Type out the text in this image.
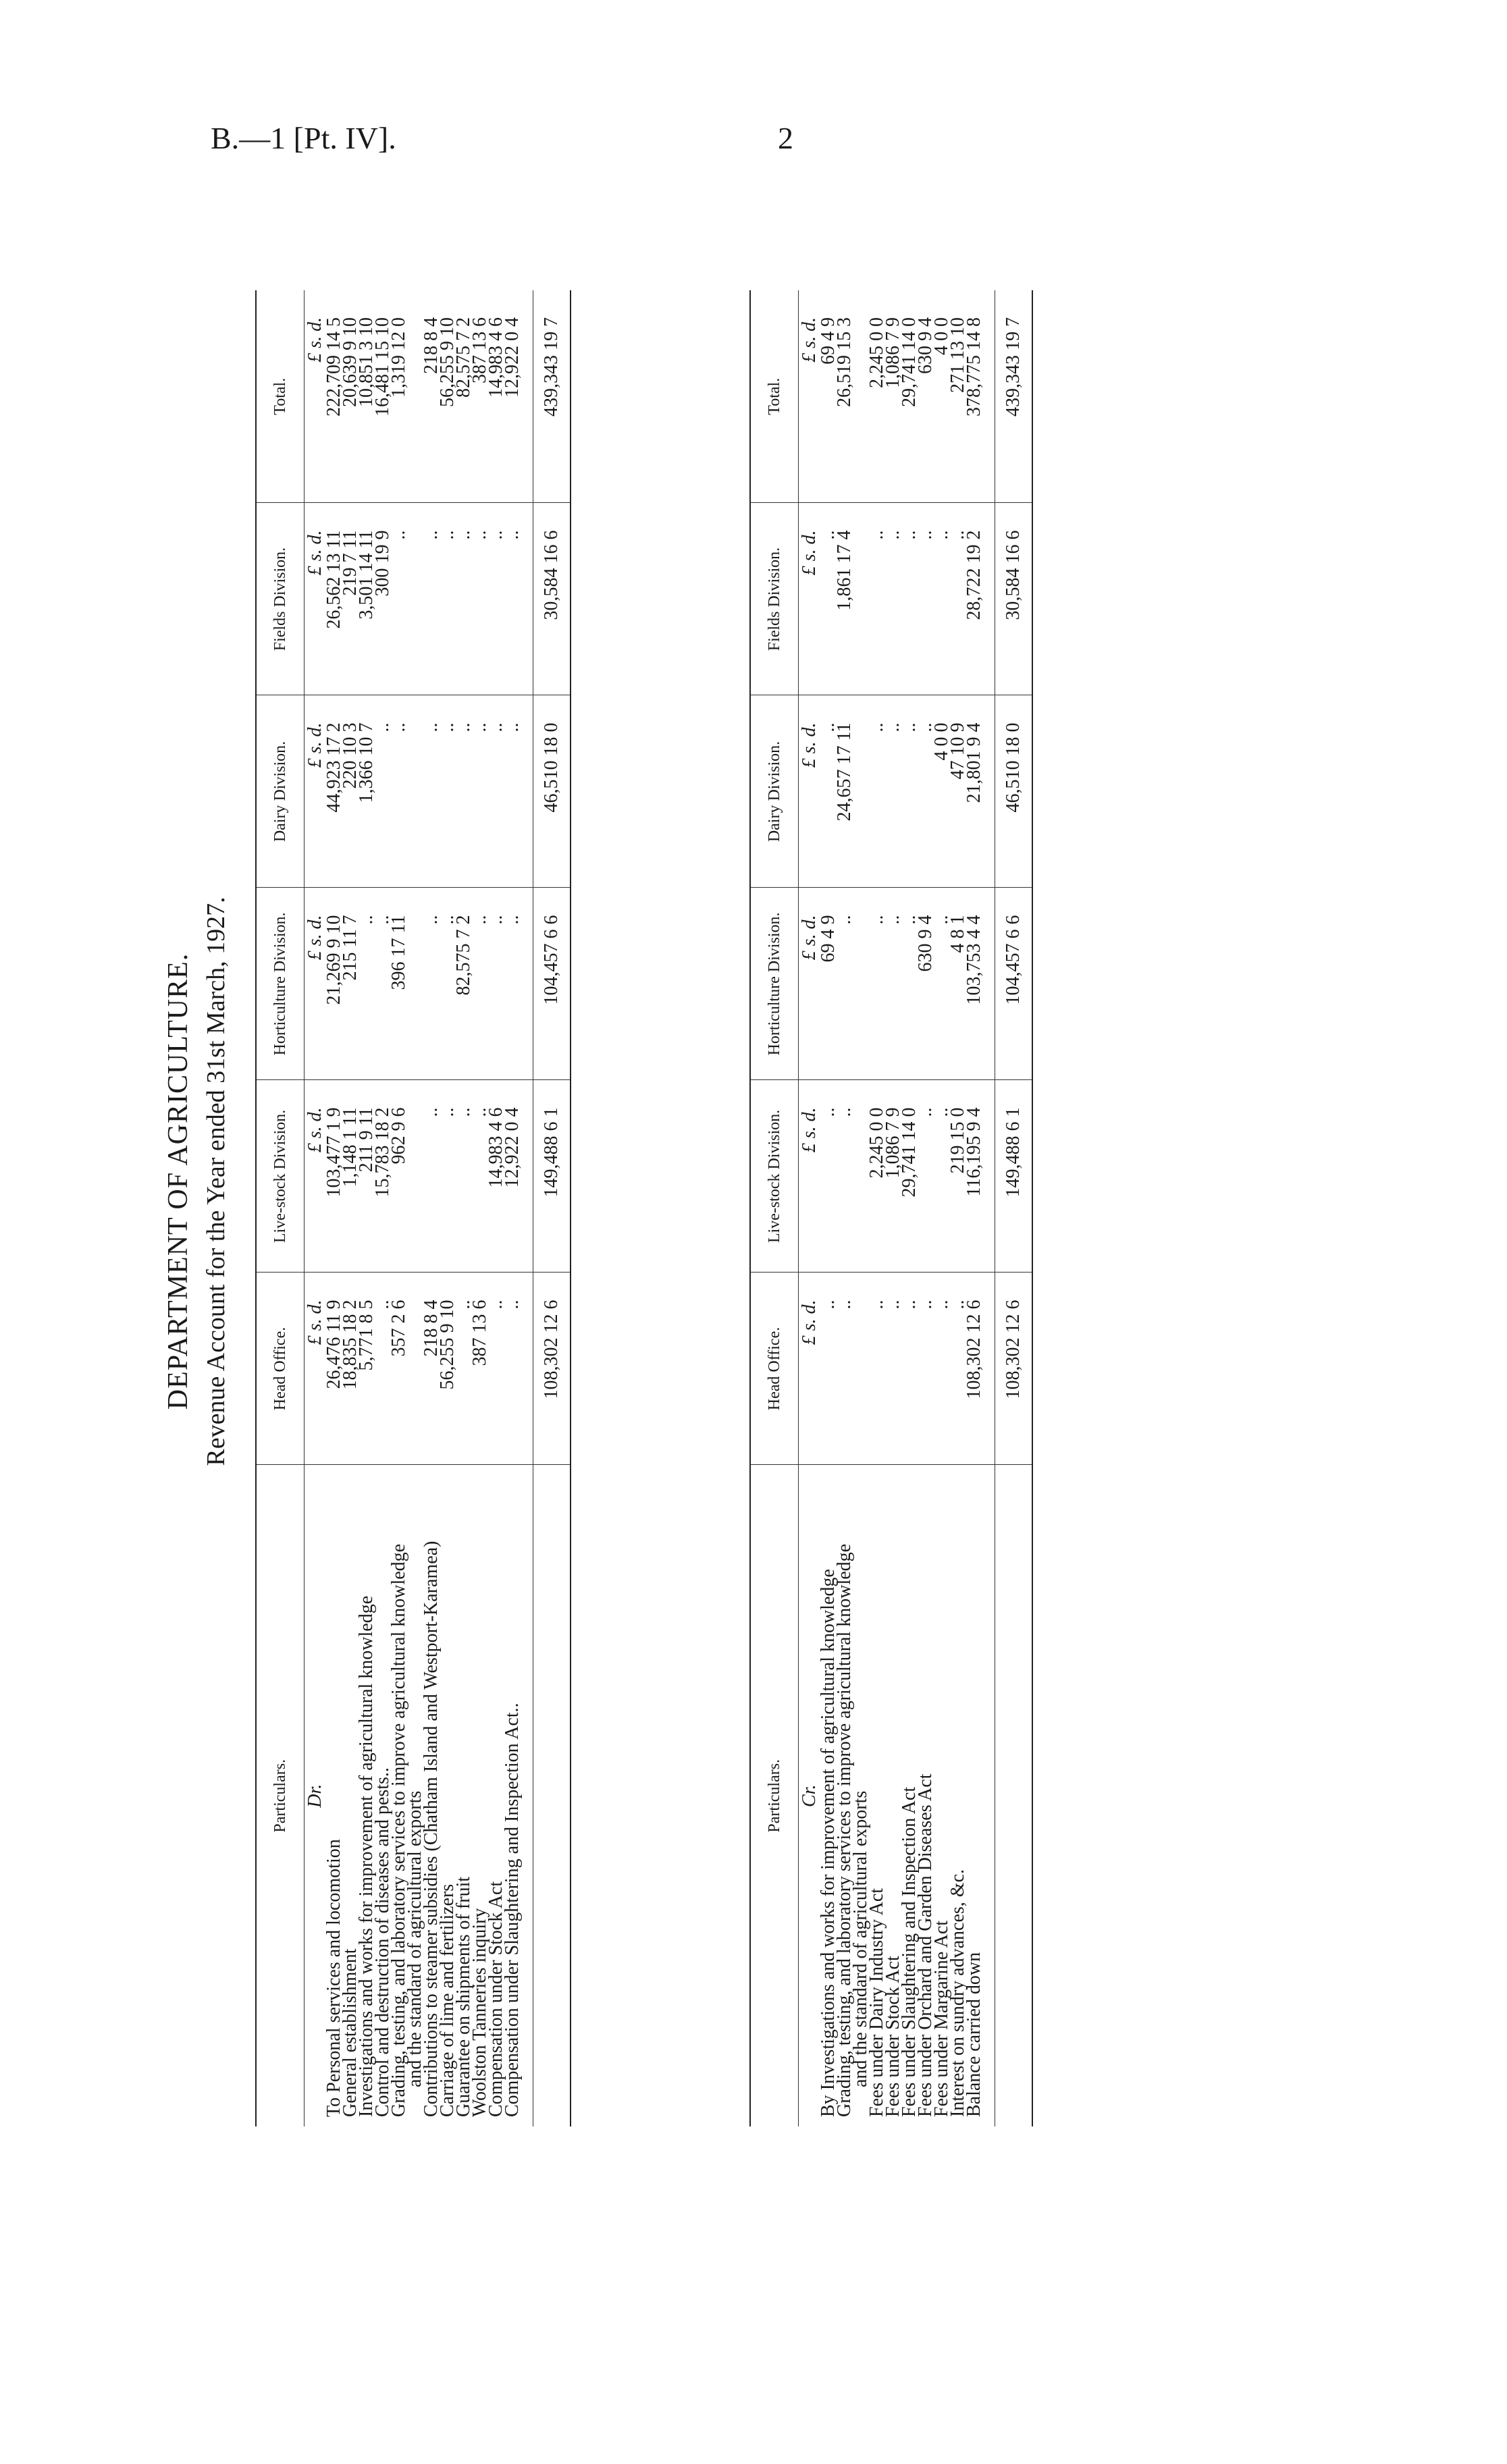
B.—1 [Pt. IV].	2
DEPARTMENT OF AGRICULTURE. Revenue Account for the Year ended 31st March, 1927.
Particulars.	Head Office.	Live-stock Division.	Horticulture Division.	Dairy Division.	Fields Division.	Total.
Dr.	£ s. d.	£ s. d.	£ s. d.	£ s. d.	£ s. d.	£ s. d.
To Personal services and locomotion	26,476 11 9	103,477 1 9	21,269 9 10	44,923 17 2	26,562 13 11	222,709 14 5
General establishment	18,835 18 2	1,148 1 11	215 11 7	220 10 3	219 7 11	20,639 9 10
Investigations and works for improvement of agricultural knowledge	5,771 8 5	211 9 11	..	1,366 10 7	3,501 14 11	10,851 3 10
Control and destruction of diseases and pests..	..	15,783 18 2	..	..	300 19 9	16,481 15 10
Grading, testing, and laboratory services to improve agricultural knowledge	357 2 6	962 9 6	396 17 11	..	..	1,319 12 0
and the standard of agricultural exports						
Contributions to steamer subsidies (Chatham Island and Westport-Karamea)	218 8 4	..	..	..	..	218 8 4
Carriage of lime and fertilizers	56,255 9 10	..	..	..	..	56,255 9 10
Guarantee on shipments of fruit	..	..	82,575 7 2	..	..	82,575 7 2
Woolston Tanneries inquiry	387 13 6	..	..	..	..	387 13 6
Compensation under Stock Act	..	14,983 4 6	..	..	..	14,983 4 6
Compensation under Slaughtering and Inspection Act..	..	12,922 0 4	..	..	..	12,922 0 4

	108,302 12 6	149,488 6 1	104,457 6 6	46,510 18 0	30,584 16 6	439,343 19 7
Particulars.	Head Office.	Live-stock Division.	Horticulture Division.	Dairy Division.	Fields Division.	Total.
Cr.	£ s. d.	£ s. d.	£ s. d.	£ s. d.	£ s. d.	£ s. d.
By Investigations and works for improvement of agricultural knowledge	..	..	69 4 9	..	..	69 4 9
Grading, testing, and laboratory services to improve agricultural knowledge	..	..	..	24,657 17 11	1,861 17 4	26,519 15 3
and the standard of agricultural exports						
Fees under Dairy Industry Act	..	2,245 0 0	..	..	..	2,245 0 0
Fees under Stock Act	..	1,086 7 9	..	..	..	1,086 7 9
Fees under Slaughtering and Inspection Act	..	29,741 14 0	..	..	..	29,741 14 0
Fees under Orchard and Garden Diseases Act	..	..	630 9 4	..	..	630 9 4
Fees under Margarine Act	..	..	..	4 0 0	..	4 0 0
Interest on sundry advances, &c.	..	219 15 0	4 8 1	47 10 9	..	271 13 10
Balance carried down	108,302 12 6	116,195 9 4	103,753 4 4	21,801 9 4	28,722 19 2	378,775 14 8

	108,302 12 6	149,488 6 1	104,457 6 6	46,510 18 0	30,584 16 6	439,343 19 7
